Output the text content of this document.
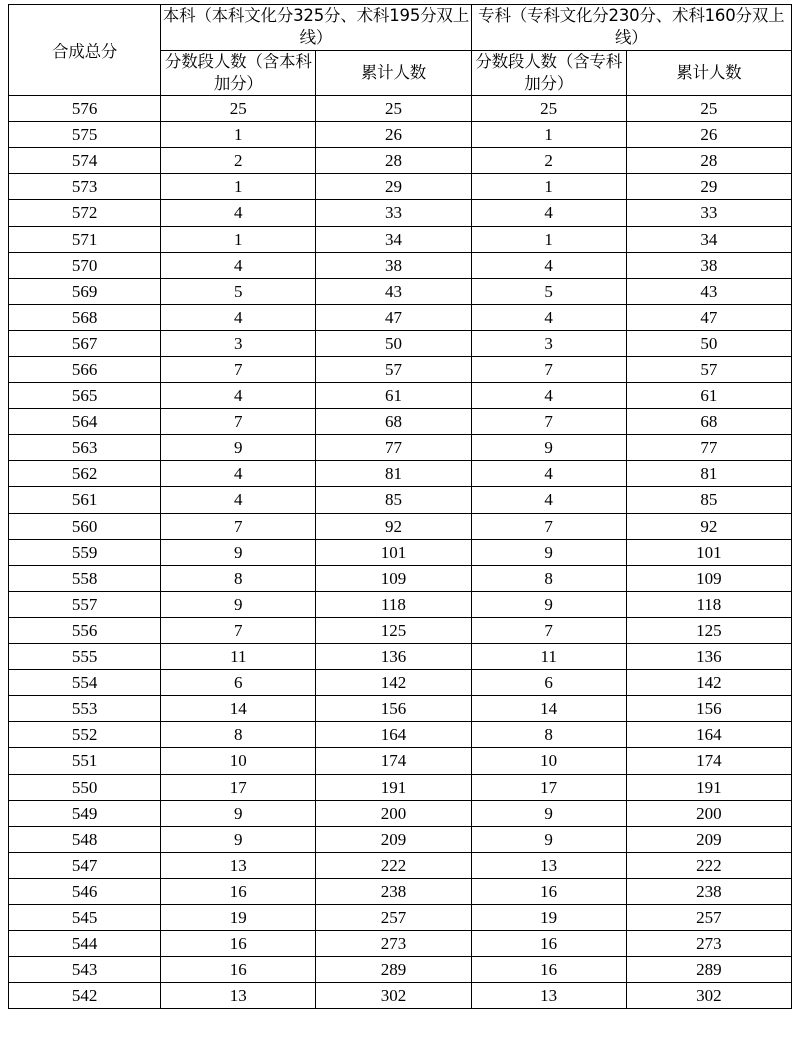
合成总分	本科（本科文化分325分、术科195分双上线）		专科（专科文化分230分、术科160分双上线）	
	分数段人数（含本科加分）	累计人数	分数段人数（含专科加分）	累计人数
576	25	25	25	25
575	1	26	1	26
574	2	28	2	28
573	1	29	1	29
572	4	33	4	33
571	1	34	1	34
570	4	38	4	38
569	5	43	5	43
568	4	47	4	47
567	3	50	3	50
566	7	57	7	57
565	4	61	4	61
564	7	68	7	68
563	9	77	9	77
562	4	81	4	81
561	4	85	4	85
560	7	92	7	92
559	9	101	9	101
558	8	109	8	109
557	9	118	9	118
556	7	125	7	125
555	11	136	11	136
554	6	142	6	142
553	14	156	14	156
552	8	164	8	164
551	10	174	10	174
550	17	191	17	191
549	9	200	9	200
548	9	209	9	209
547	13	222	13	222
546	16	238	16	238
545	19	257	19	257
544	16	273	16	273
543	16	289	16	289
542	13	302	13	302
